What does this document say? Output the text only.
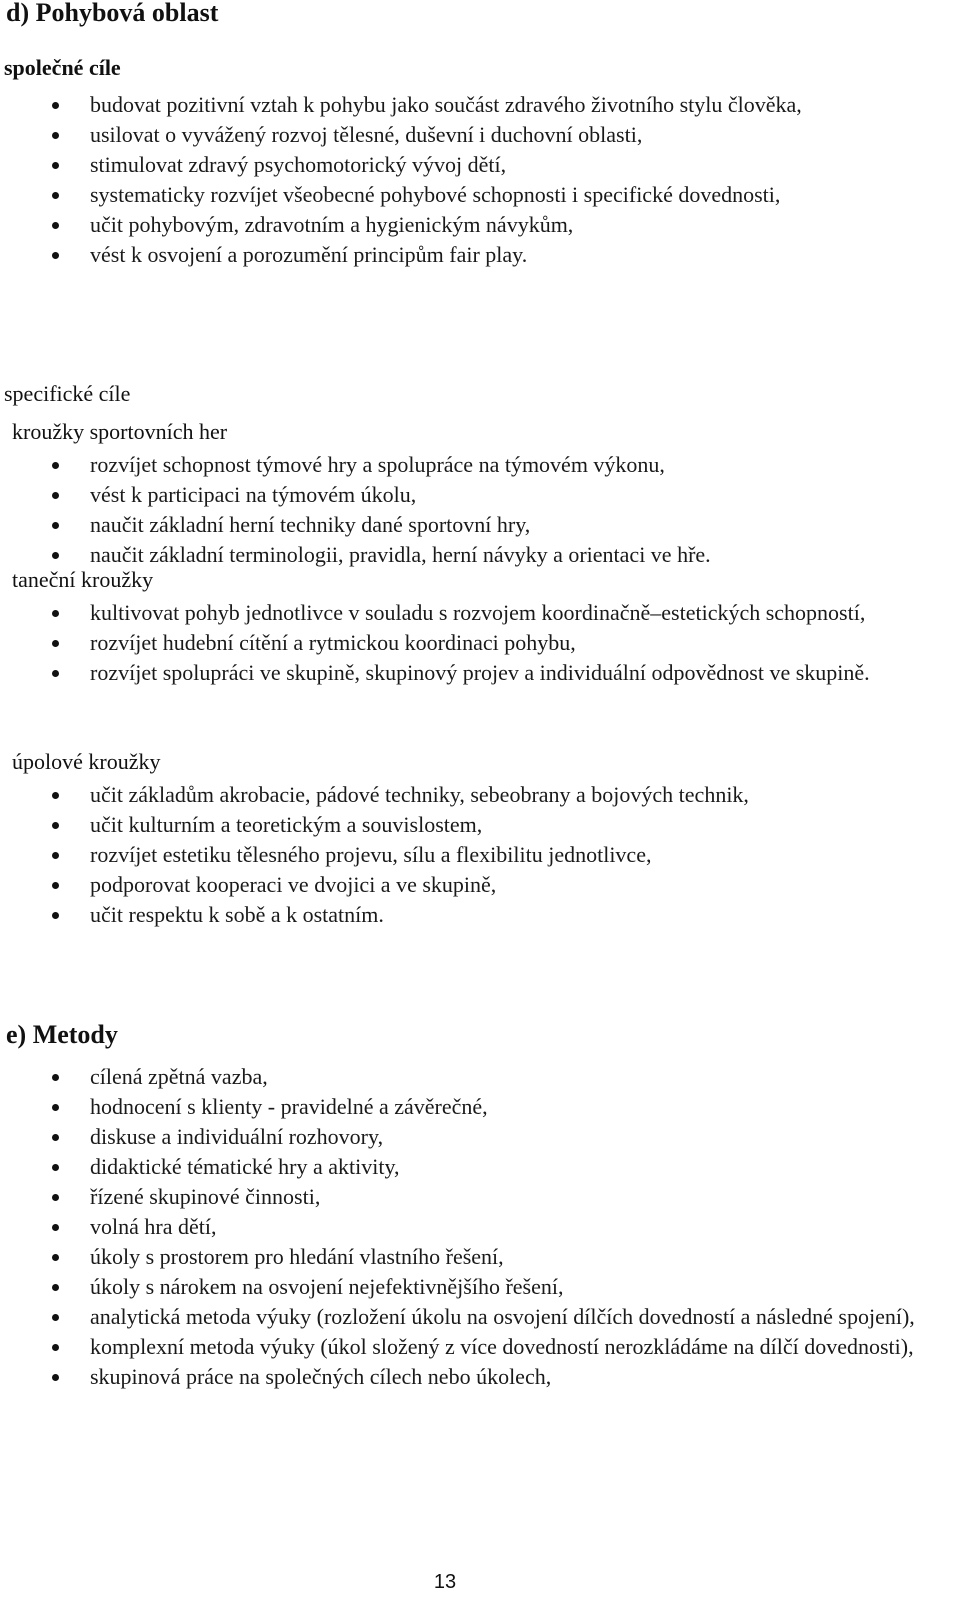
d) Pohybová oblast
společné cíle
budovat pozitivní vztah k pohybu jako součást zdravého životního stylu člověka,
usilovat o vyvážený rozvoj tělesné, duševní i duchovní oblasti,
stimulovat zdravý psychomotorický vývoj dětí,
systematicky rozvíjet všeobecné pohybové schopnosti i specifické dovednosti,
učit pohybovým, zdravotním a hygienickým návykům,
vést k osvojení a porozumění principům fair play.
specifické cíle
kroužky sportovních her
rozvíjet schopnost týmové hry a spolupráce na týmovém výkonu,
vést k participaci na týmovém úkolu,
naučit základní herní techniky dané sportovní hry,
naučit základní terminologii, pravidla, herní návyky a orientaci ve hře.
taneční kroužky
kultivovat pohyb jednotlivce v souladu s rozvojem koordinačně–estetických schopností,
rozvíjet hudební cítění a rytmickou koordinaci pohybu,
rozvíjet spolupráci ve skupině, skupinový projev a individuální odpovědnost ve skupině.
úpolové kroužky
učit základům akrobacie, pádové techniky, sebeobrany a bojových technik,
učit kulturním a teoretickým a souvislostem,
rozvíjet estetiku tělesného projevu, sílu a flexibilitu jednotlivce,
podporovat kooperaci ve dvojici a ve skupině,
učit respektu k sobě a k ostatním.
e) Metody
cílená zpětná vazba,
hodnocení s klienty - pravidelné a závěrečné,
diskuse a individuální rozhovory,
didaktické tématické hry a aktivity,
řízené skupinové činnosti,
volná hra dětí,
úkoly s prostorem pro hledání vlastního řešení,
úkoly s nárokem na osvojení nejefektivnějšího řešení,
analytická metoda výuky (rozložení úkolu na osvojení dílčích dovedností a následné spojení),
komplexní metoda výuky (úkol složený z více dovedností nerozkládáme na dílčí dovednosti),
skupinová práce na společných cílech nebo úkolech,
13
